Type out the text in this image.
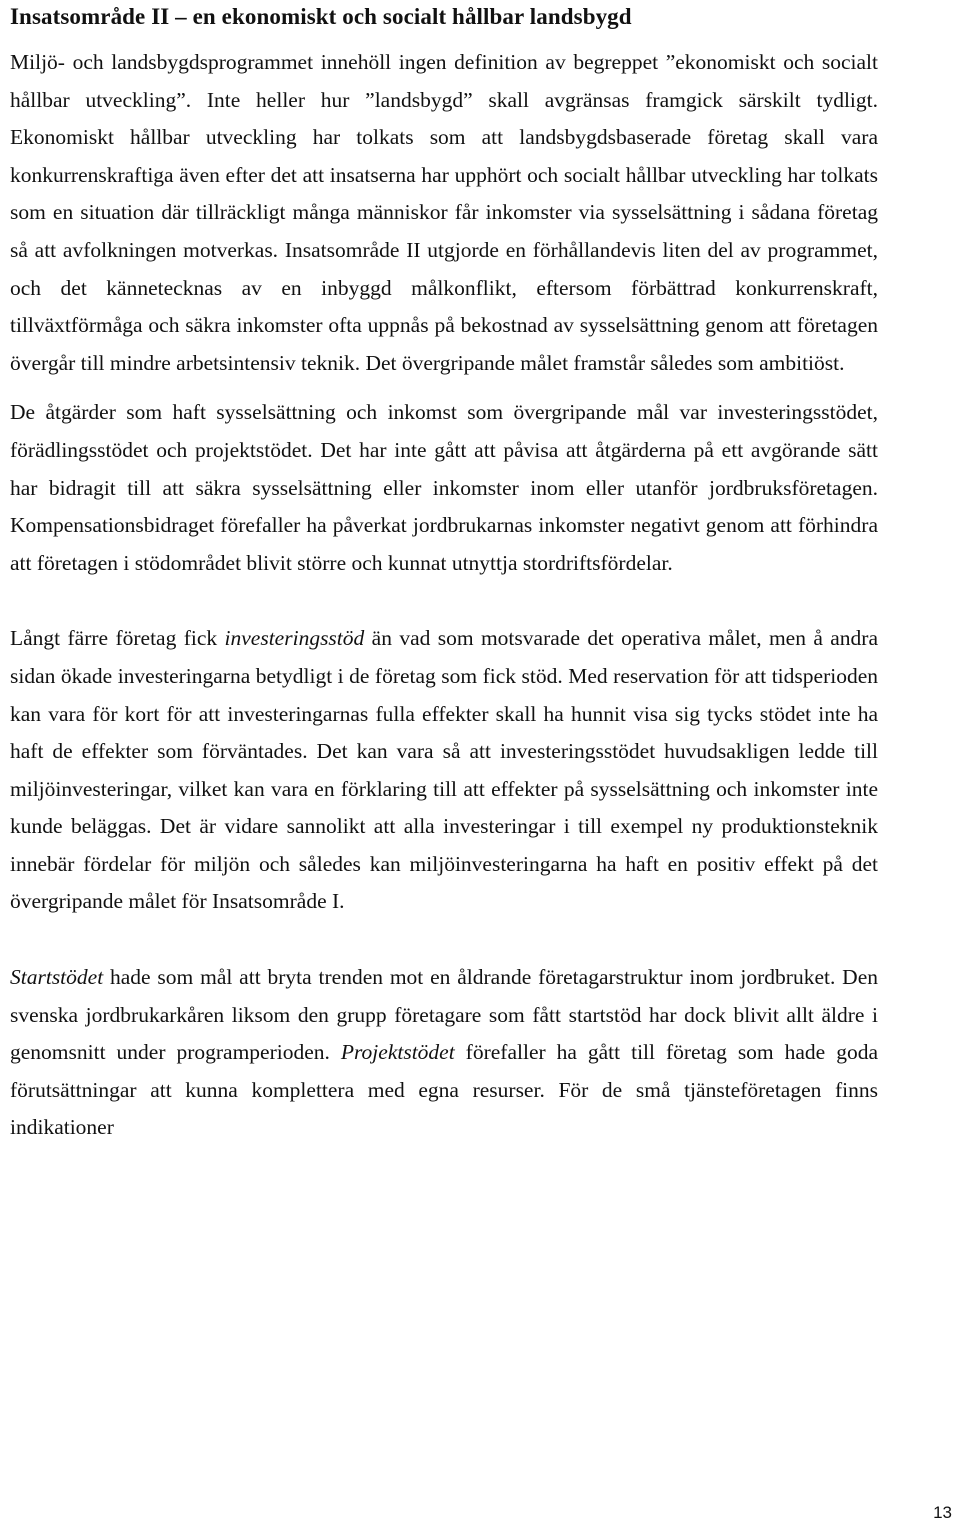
Insatsområde II – en ekonomiskt och socialt hållbar landsbygd

Miljö- och landsbygdsprogrammet innehöll ingen definition av begreppet ”ekonomiskt och socialt hållbar utveckling”. Inte heller hur ”landsbygd” skall avgränsas framgick särskilt tydligt. Ekonomiskt hållbar utveckling har tolkats som att landsbygdsbaserade företag skall vara konkurrenskraftiga även efter det att insatserna har upphört och socialt hållbar utveckling har tolkats som en situation där tillräckligt många människor får inkomster via sysselsättning i sådana företag så att avfolkningen motverkas. Insatsområde II utgjorde en förhållandevis liten del av programmet, och det kännetecknas av en inbyggd målkonflikt, eftersom förbättrad konkurrenskraft, tillväxtförmåga och säkra inkomster ofta uppnås på bekostnad av sysselsättning genom att företagen övergår till mindre arbetsintensiv teknik. Det övergripande målet framstår således som ambitiöst.

De åtgärder som haft sysselsättning och inkomst som övergripande mål var investeringsstödet, förädlingsstödet och projektstödet. Det har inte gått att påvisa att åtgärderna på ett avgörande sätt har bidragit till att säkra sysselsättning eller inkomster inom eller utanför jordbruksföretagen. Kompensationsbidraget förefaller ha påverkat jordbrukarnas inkomster negativt genom att förhindra att företagen i stödområdet blivit större och kunnat utnyttja stordriftsfördelar.

Långt färre företag fick investeringsstöd än vad som motsvarade det operativa målet, men å andra sidan ökade investeringarna betydligt i de företag som fick stöd. Med reservation för att tidsperioden kan vara för kort för att investeringarnas fulla effekter skall ha hunnit visa sig tycks stödet inte ha haft de effekter som förväntades. Det kan vara så att investeringsstödet huvudsakligen ledde till miljöinvesteringar, vilket kan vara en förklaring till att effekter på sysselsättning och inkomster inte kunde beläggas. Det är vidare sannolikt att alla investeringar i till exempel ny produktionsteknik innebär fördelar för miljön och således kan miljöinvesteringarna ha haft en positiv effekt på det övergripande målet för Insatsområde I.

Startstödet hade som mål att bryta trenden mot en åldrande företagarstruktur inom jordbruket. Den svenska jordbrukarkåren liksom den grupp företagare som fått startstöd har dock blivit allt äldre i genomsnitt under programperioden. Projektstödet förefaller ha gått till företag som hade goda förutsättningar att kunna komplettera med egna resurser. För de små tjänsteföretagen finns indikationer

13
